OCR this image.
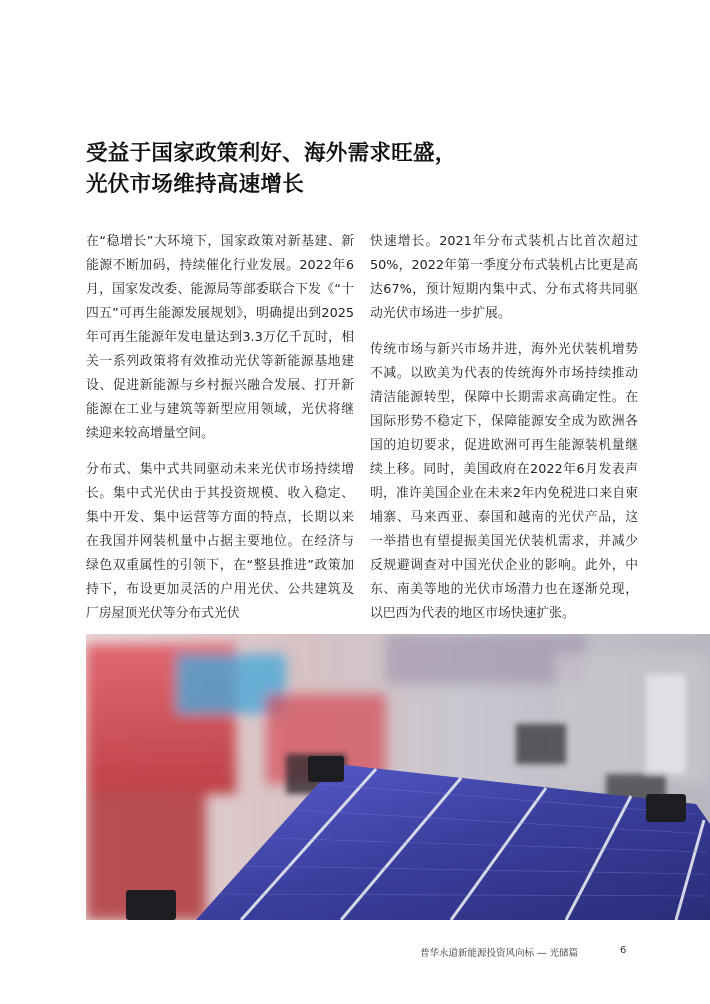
受益于国家政策利好、海外需求旺盛，
光伏市场维持高速增长

在“稳增长”大环境下，国家政策对新基建、新能源不断加码，持续催化行业发展。2022年6月，国家发改委、能源局等部委联合下发《“十四五”可再生能源发展规划》，明确提出到2025年可再生能源年发电量达到3.3万亿千瓦时，相关一系列政策将有效推动光伏等新能源基地建设、促进新能源与乡村振兴融合发展、打开新能源在工业与建筑等新型应用领域，光伏将继续迎来较高增量空间。

分布式、集中式共同驱动未来光伏市场持续增长。集中式光伏由于其投资规模、收入稳定、集中开发、集中运营等方面的特点，长期以来在我国并网装机量中占据主要地位。在经济与绿色双重属性的引领下，在“整县推进”政策加持下，布设更加灵活的户用光伏、公共建筑及厂房屋顶光伏等分布式光伏

快速增长。2021年分布式装机占比首次超过50%，2022年第一季度分布式装机占比更是高达67%，预计短期内集中式、分布式将共同驱动光伏市场进一步扩展。

传统市场与新兴市场并进，海外光伏装机增势不减。以欧美为代表的传统海外市场持续推动清洁能源转型，保障中长期需求高确定性。在国际形势不稳定下，保障能源安全成为欧洲各国的迫切要求，促进欧洲可再生能源装机量继续上移。同时，美国政府在2022年6月发表声明，准许美国企业在未来2年内免税进口来自柬埔寨、马来西亚、泰国和越南的光伏产品，这一举措也有望提振美国光伏装机需求，并减少反规避调查对中国光伏企业的影响。此外，中东、南美等地的光伏市场潜力也在逐渐兑现，以巴西为代表的地区市场快速扩张。

普华永道新能源投资风向标 — 光储篇	6
